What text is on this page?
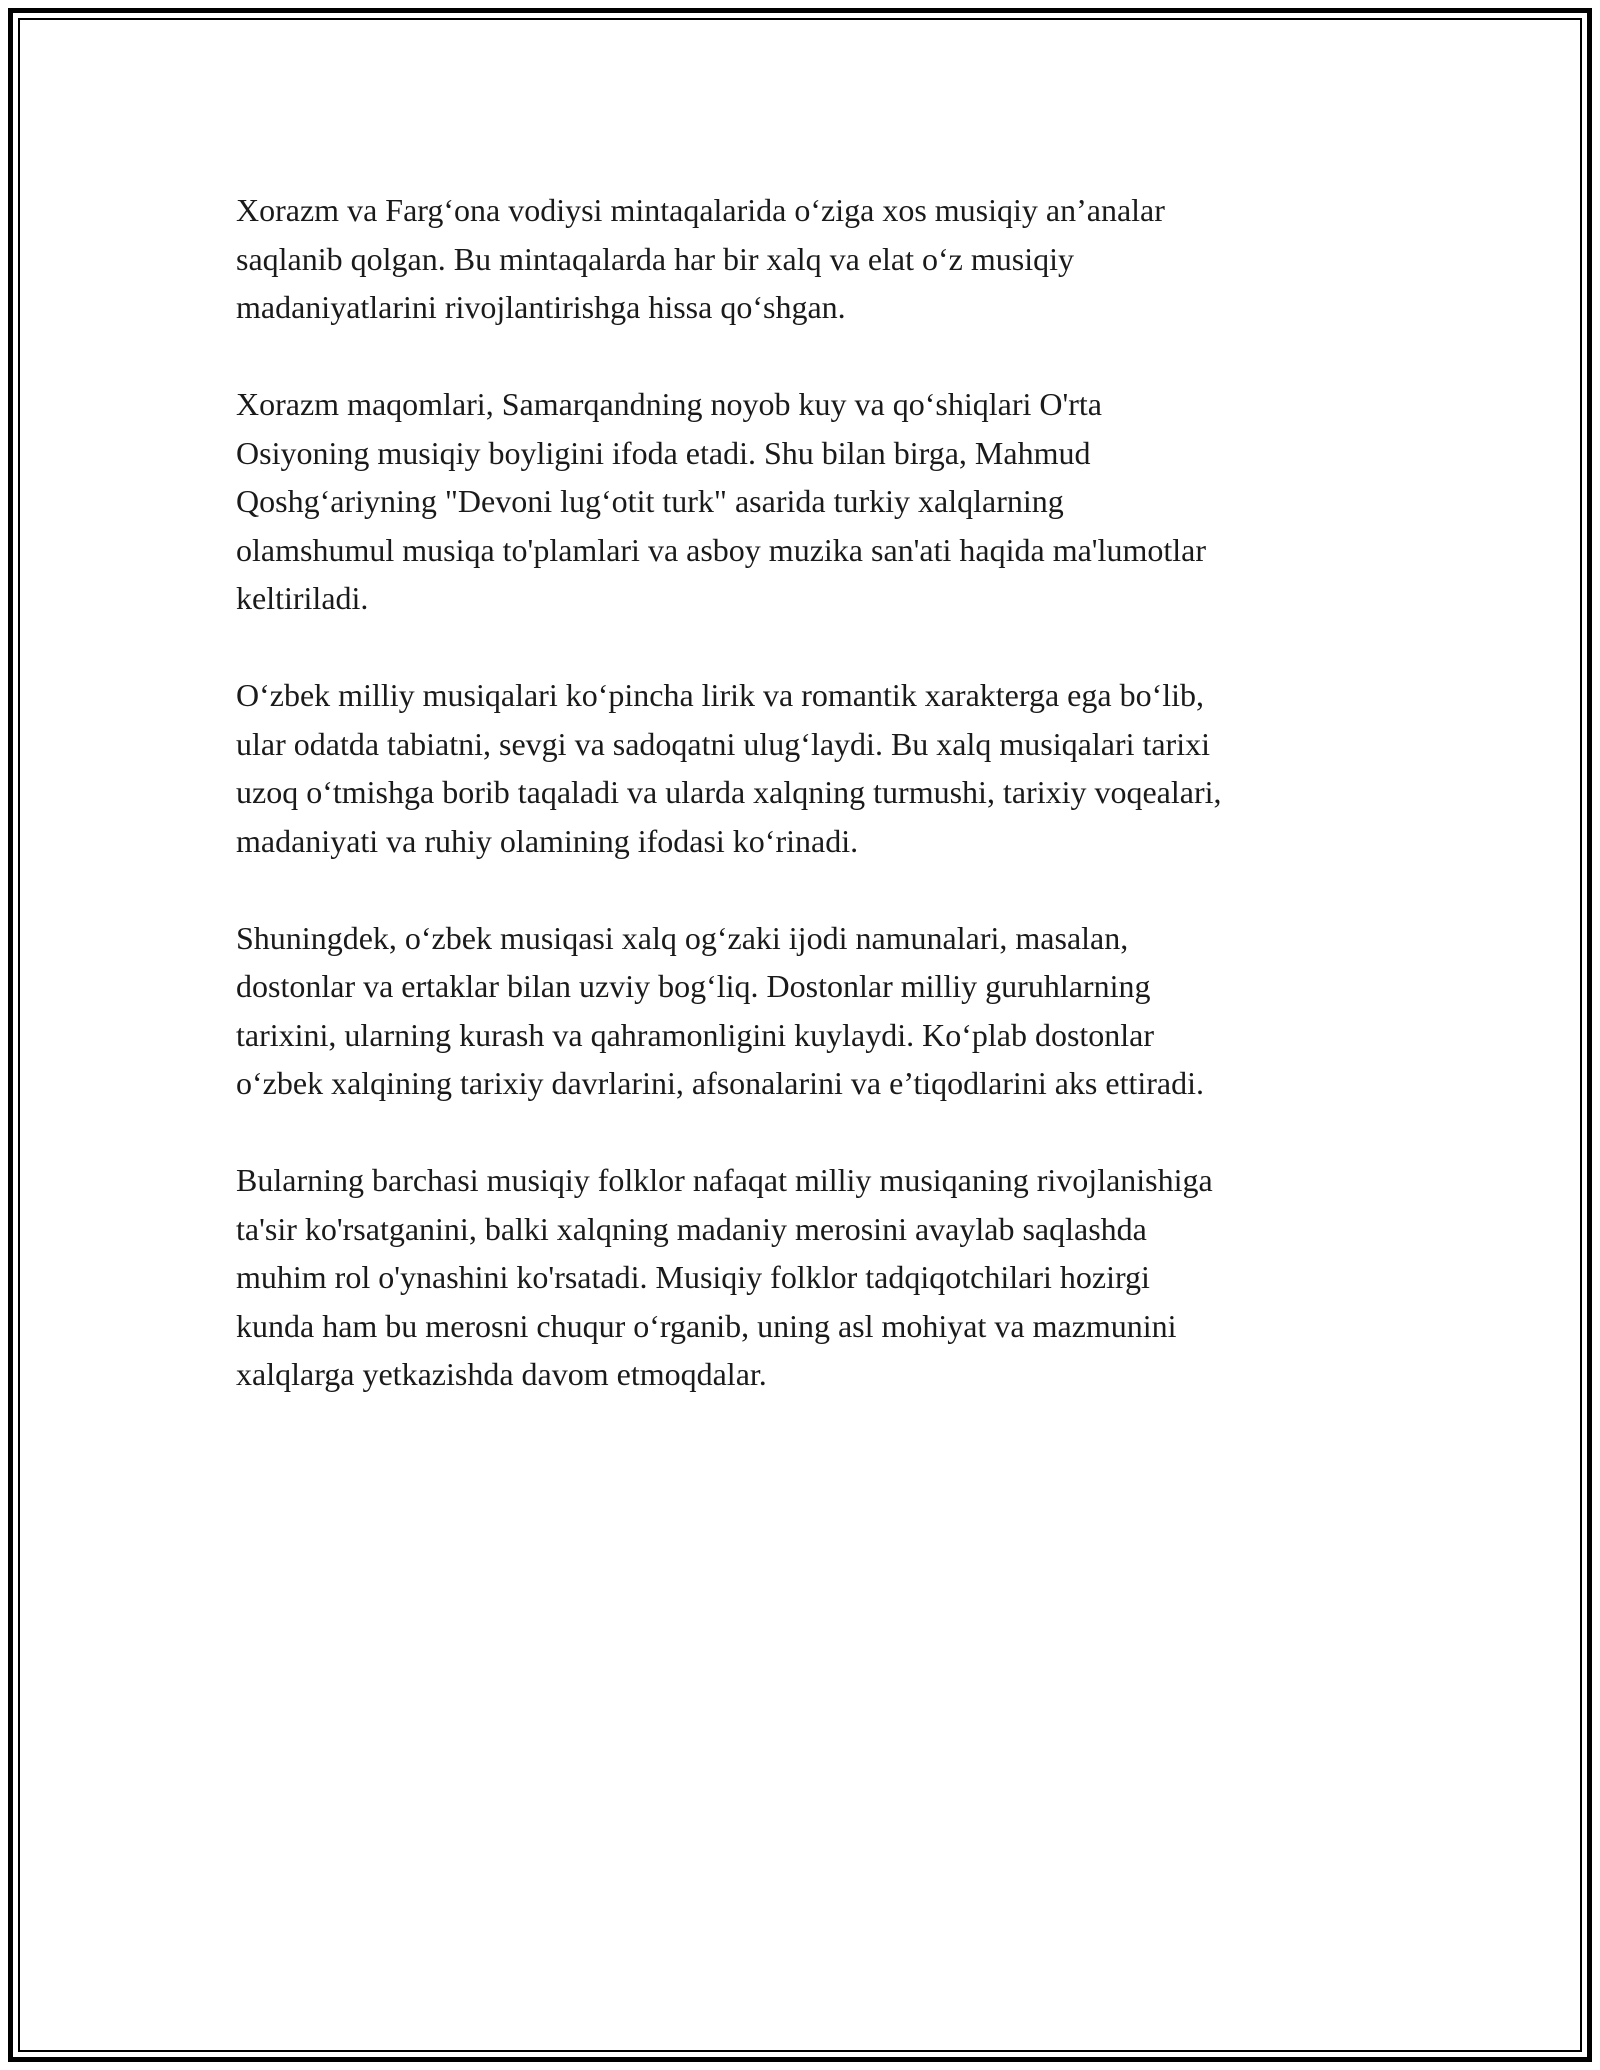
Xorazm va Farg‘ona vodiysi mintaqalarida o‘ziga xos musiqiy an’analar
saqlanib qolgan. Bu mintaqalarda har bir xalq va elat o‘z musiqiy
madaniyatlarini rivojlantirishga hissa qo‘shgan.

Xorazm maqomlari, Samarqandning noyob kuy va qo‘shiqlari O'rta
Osiyoning musiqiy boyligini ifoda etadi. Shu bilan birga, Mahmud
Qoshg‘ariyning "Devoni lug‘otit turk" asarida turkiy xalqlarning
olamshumul musiqa to'plamlari va asboy muzika san'ati haqida ma'lumotlar
keltiriladi.

O‘zbek milliy musiqalari ko‘pincha lirik va romantik xarakterga ega bo‘lib,
ular odatda tabiatni, sevgi va sadoqatni ulug‘laydi. Bu xalq musiqalari tarixi
uzoq o‘tmishga borib taqaladi va ularda xalqning turmushi, tarixiy voqealari,
madaniyati va ruhiy olamining ifodasi ko‘rinadi.

Shuningdek, o‘zbek musiqasi xalq og‘zaki ijodi namunalari, masalan,
dostonlar va ertaklar bilan uzviy bog‘liq. Dostonlar milliy guruhlarning
tarixini, ularning kurash va qahramonligini kuylaydi. Ko‘plab dostonlar
o‘zbek xalqining tarixiy davrlarini, afsonalarini va e’tiqodlarini aks ettiradi.

Bularning barchasi musiqiy folklor nafaqat milliy musiqaning rivojlanishiga
ta'sir ko'rsatganini, balki xalqning madaniy merosini avaylab saqlashda
muhim rol o'ynashini ko'rsatadi. Musiqiy folklor tadqiqotchilari hozirgi
kunda ham bu merosni chuqur o‘rganib, uning asl mohiyat va mazmunini
xalqlarga yetkazishda davom etmoqdalar.
